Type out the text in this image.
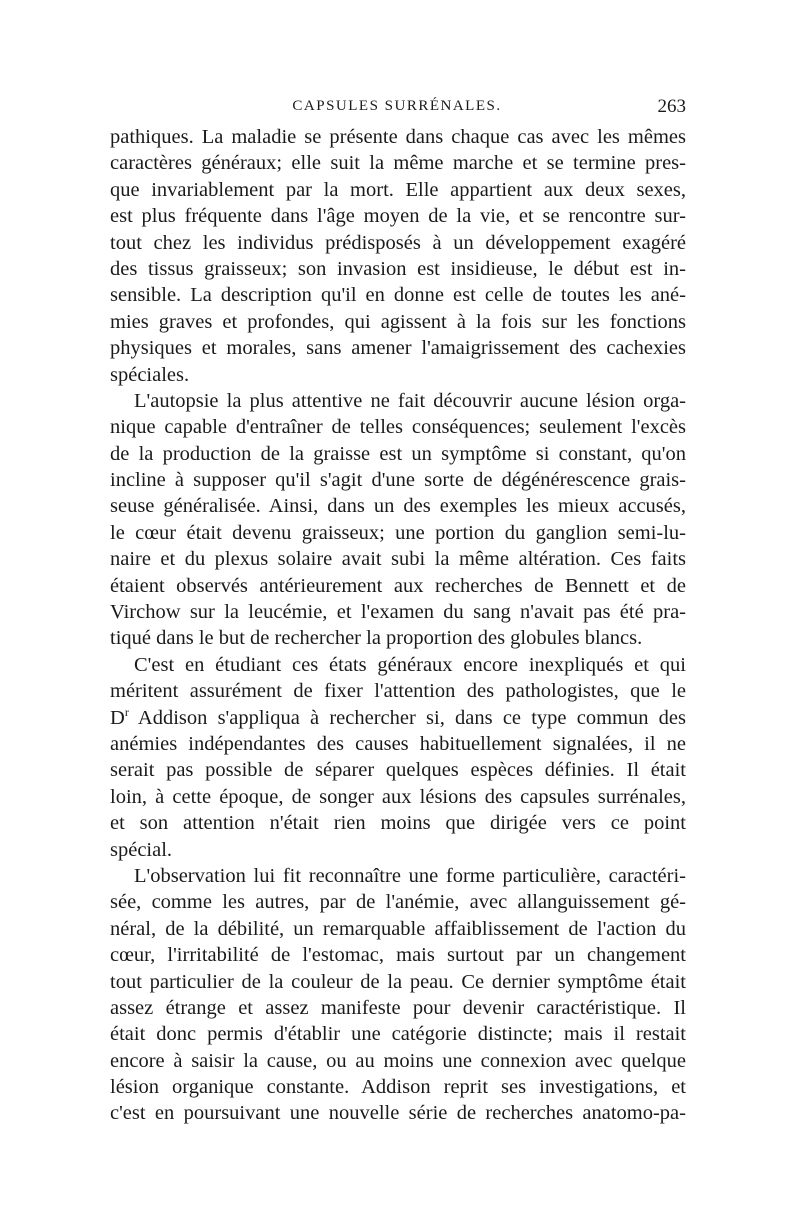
CAPSULES SURRÉNALES.	263
pathiques. La maladie se présente dans chaque cas avec les mêmes
caractères généraux; elle suit la même marche et se termine pres-
que invariablement par la mort. Elle appartient aux deux sexes,
est plus fréquente dans l'âge moyen de la vie, et se rencontre sur-
tout chez les individus prédisposés à un développement exagéré
des tissus graisseux; son invasion est insidieuse, le début est in-
sensible. La description qu'il en donne est celle de toutes les ané-
mies graves et profondes, qui agissent à la fois sur les fonctions
physiques et morales, sans amener l'amaigrissement des cachexies
spéciales.
L'autopsie la plus attentive ne fait découvrir aucune lésion orga-
nique capable d'entraîner de telles conséquences; seulement l'excès
de la production de la graisse est un symptôme si constant, qu'on
incline à supposer qu'il s'agit d'une sorte de dégénérescence grais-
seuse généralisée. Ainsi, dans un des exemples les mieux accusés,
le cœur était devenu graisseux; une portion du ganglion semi-lu-
naire et du plexus solaire avait subi la même altération. Ces faits
étaient observés antérieurement aux recherches de Bennett et de
Virchow sur la leucémie, et l'examen du sang n'avait pas été pra-
tiqué dans le but de rechercher la proportion des globules blancs.
C'est en étudiant ces états généraux encore inexpliqués et qui
méritent assurément de fixer l'attention des pathologistes, que le
$D^r$ Addison s'appliqua à rechercher si, dans ce type commun des
anémies indépendantes des causes habituellement signalées, il ne
serait pas possible de séparer quelques espèces définies. Il était
loin, à cette époque, de songer aux lésions des capsules surrénales,
et son attention n'était rien moins que dirigée vers ce point
spécial.
L'observation lui fit reconnaître une forme particulière, caractéri-
sée, comme les autres, par de l'anémie, avec allanguissement gé-
néral, de la débilité, un remarquable affaiblissement de l'action du
cœur, l'irritabilité de l'estomac, mais surtout par un changement
tout particulier de la couleur de la peau. Ce dernier symptôme était
assez étrange et assez manifeste pour devenir caractéristique. Il
était donc permis d'établir une catégorie distincte; mais il restait
encore à saisir la cause, ou au moins une connexion avec quelque
lésion organique constante. Addison reprit ses investigations, et
c'est en poursuivant une nouvelle série de recherches anatomo-pa-
